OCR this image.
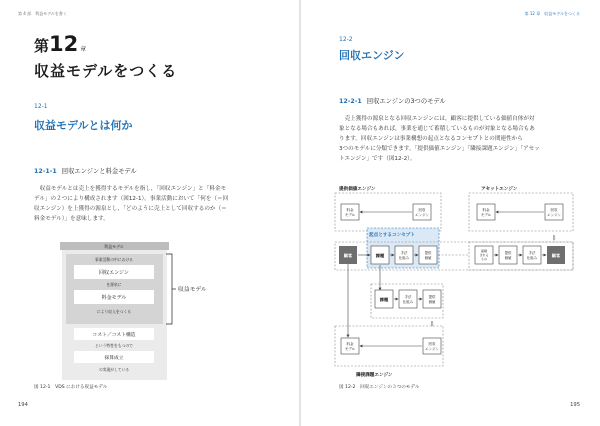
第 4 部　利益モデルを書く
第12 章
収益モデルをつくる
12-1
収益モデルとは何か
12-1-1 回収エンジンと料金モデル
　収益モデルとは売上を獲得するモデルを指し，「回収エンジン」と「料金モ
デル」の２つにより構成されます（図12-1）。事業活動において「何を（＝回
収エンジン）を上獲得の源泉とし，「どのように売上として回収するのか（＝
料金モデル）」を意味します。
利益モデル
事業活動の中における
回収エンジン
を源泉に
料金モデル
により収入をつくる
収益モデル
コスト／コスト構造
という特性をもつので
採算成立
の実現がしている
図 12-1　VDS における収益モデル
194
第 12 章　収益モデルをつくる
12-2
回収エンジン
12-2-1 回収エンジンの3つのモデル
　売上獲得の源泉となる回収エンジンには，顧客に提供している価値自体が対
象となる場合もあれば，事業を通じて蓄積しているものが対象となる場合もあ
ります。回収エンジンは事業構想の起点となるコンセプトとの関連性から
3つのモデルに分類できます。「提供価値エンジン」「隣接課題エンジン」「アセッ
トエンジン」です（図12-2）。
提供価値エンジン	アセットエンジン
隣接課題エンジン
料金
モデル
回収
エンジン
料金
モデル
回収
エンジン
||
起点とするコンセプト
顧客	課題	手法
仕組み
提供
価値
蓄積
される
もの
提供
価値
手法
仕組み	顧客
課題	手法
仕組み
提供
価値
料金
モデル
回収
エンジン
||
図 12-2　回収エンジンの３つのモデル
195
